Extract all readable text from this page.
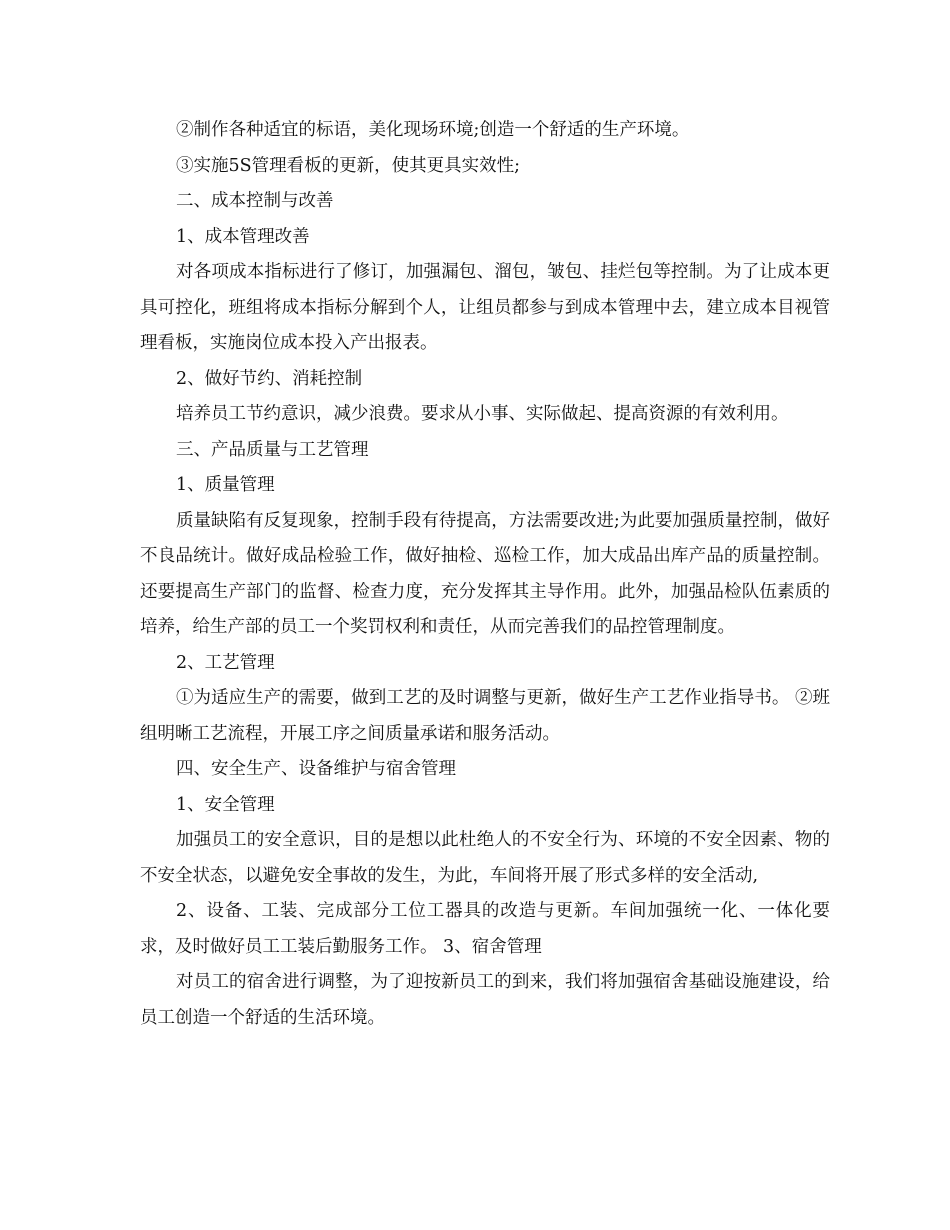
②制作各种适宜的标语，美化现场环境;创造一个舒适的生产环境。

③实施5S管理看板的更新，使其更具实效性;

二、成本控制与改善

1、成本管理改善

对各项成本指标进行了修订，加强漏包、溜包，皱包、挂烂包等控制。为了让成本更具可控化，班组将成本指标分解到个人，让组员都参与到成本管理中去，建立成本目视管理看板，实施岗位成本投入产出报表。

2、做好节约、消耗控制

培养员工节约意识，减少浪费。要求从小事、实际做起、提高资源的有效利用。

三、产品质量与工艺管理

1、质量管理

质量缺陷有反复现象，控制手段有待提高，方法需要改进;为此要加强质量控制，做好不良品统计。做好成品检验工作，做好抽检、巡检工作，加大成品出库产品的质量控制。还要提高生产部门的监督、检查力度，充分发挥其主导作用。此外，加强品检队伍素质的培养，给生产部的员工一个奖罚权利和责任，从而完善我们的品控管理制度。

2、工艺管理

①为适应生产的需要，做到工艺的及时调整与更新，做好生产工艺作业指导书。 ②班组明晰工艺流程，开展工序之间质量承诺和服务活动。

四、安全生产、设备维护与宿舍管理

1、安全管理

加强员工的安全意识，目的是想以此杜绝人的不安全行为、环境的不安全因素、物的不安全状态，以避免安全事故的发生，为此，车间将开展了形式多样的安全活动,

2、设备、工装、完成部分工位工器具的改造与更新。车间加强统一化、一体化要求，及时做好员工工装后勤服务工作。 3、宿舍管理

对员工的宿舍进行调整，为了迎按新员工的到来，我们将加强宿舍基础设施建设，给员工创造一个舒适的生活环境。
